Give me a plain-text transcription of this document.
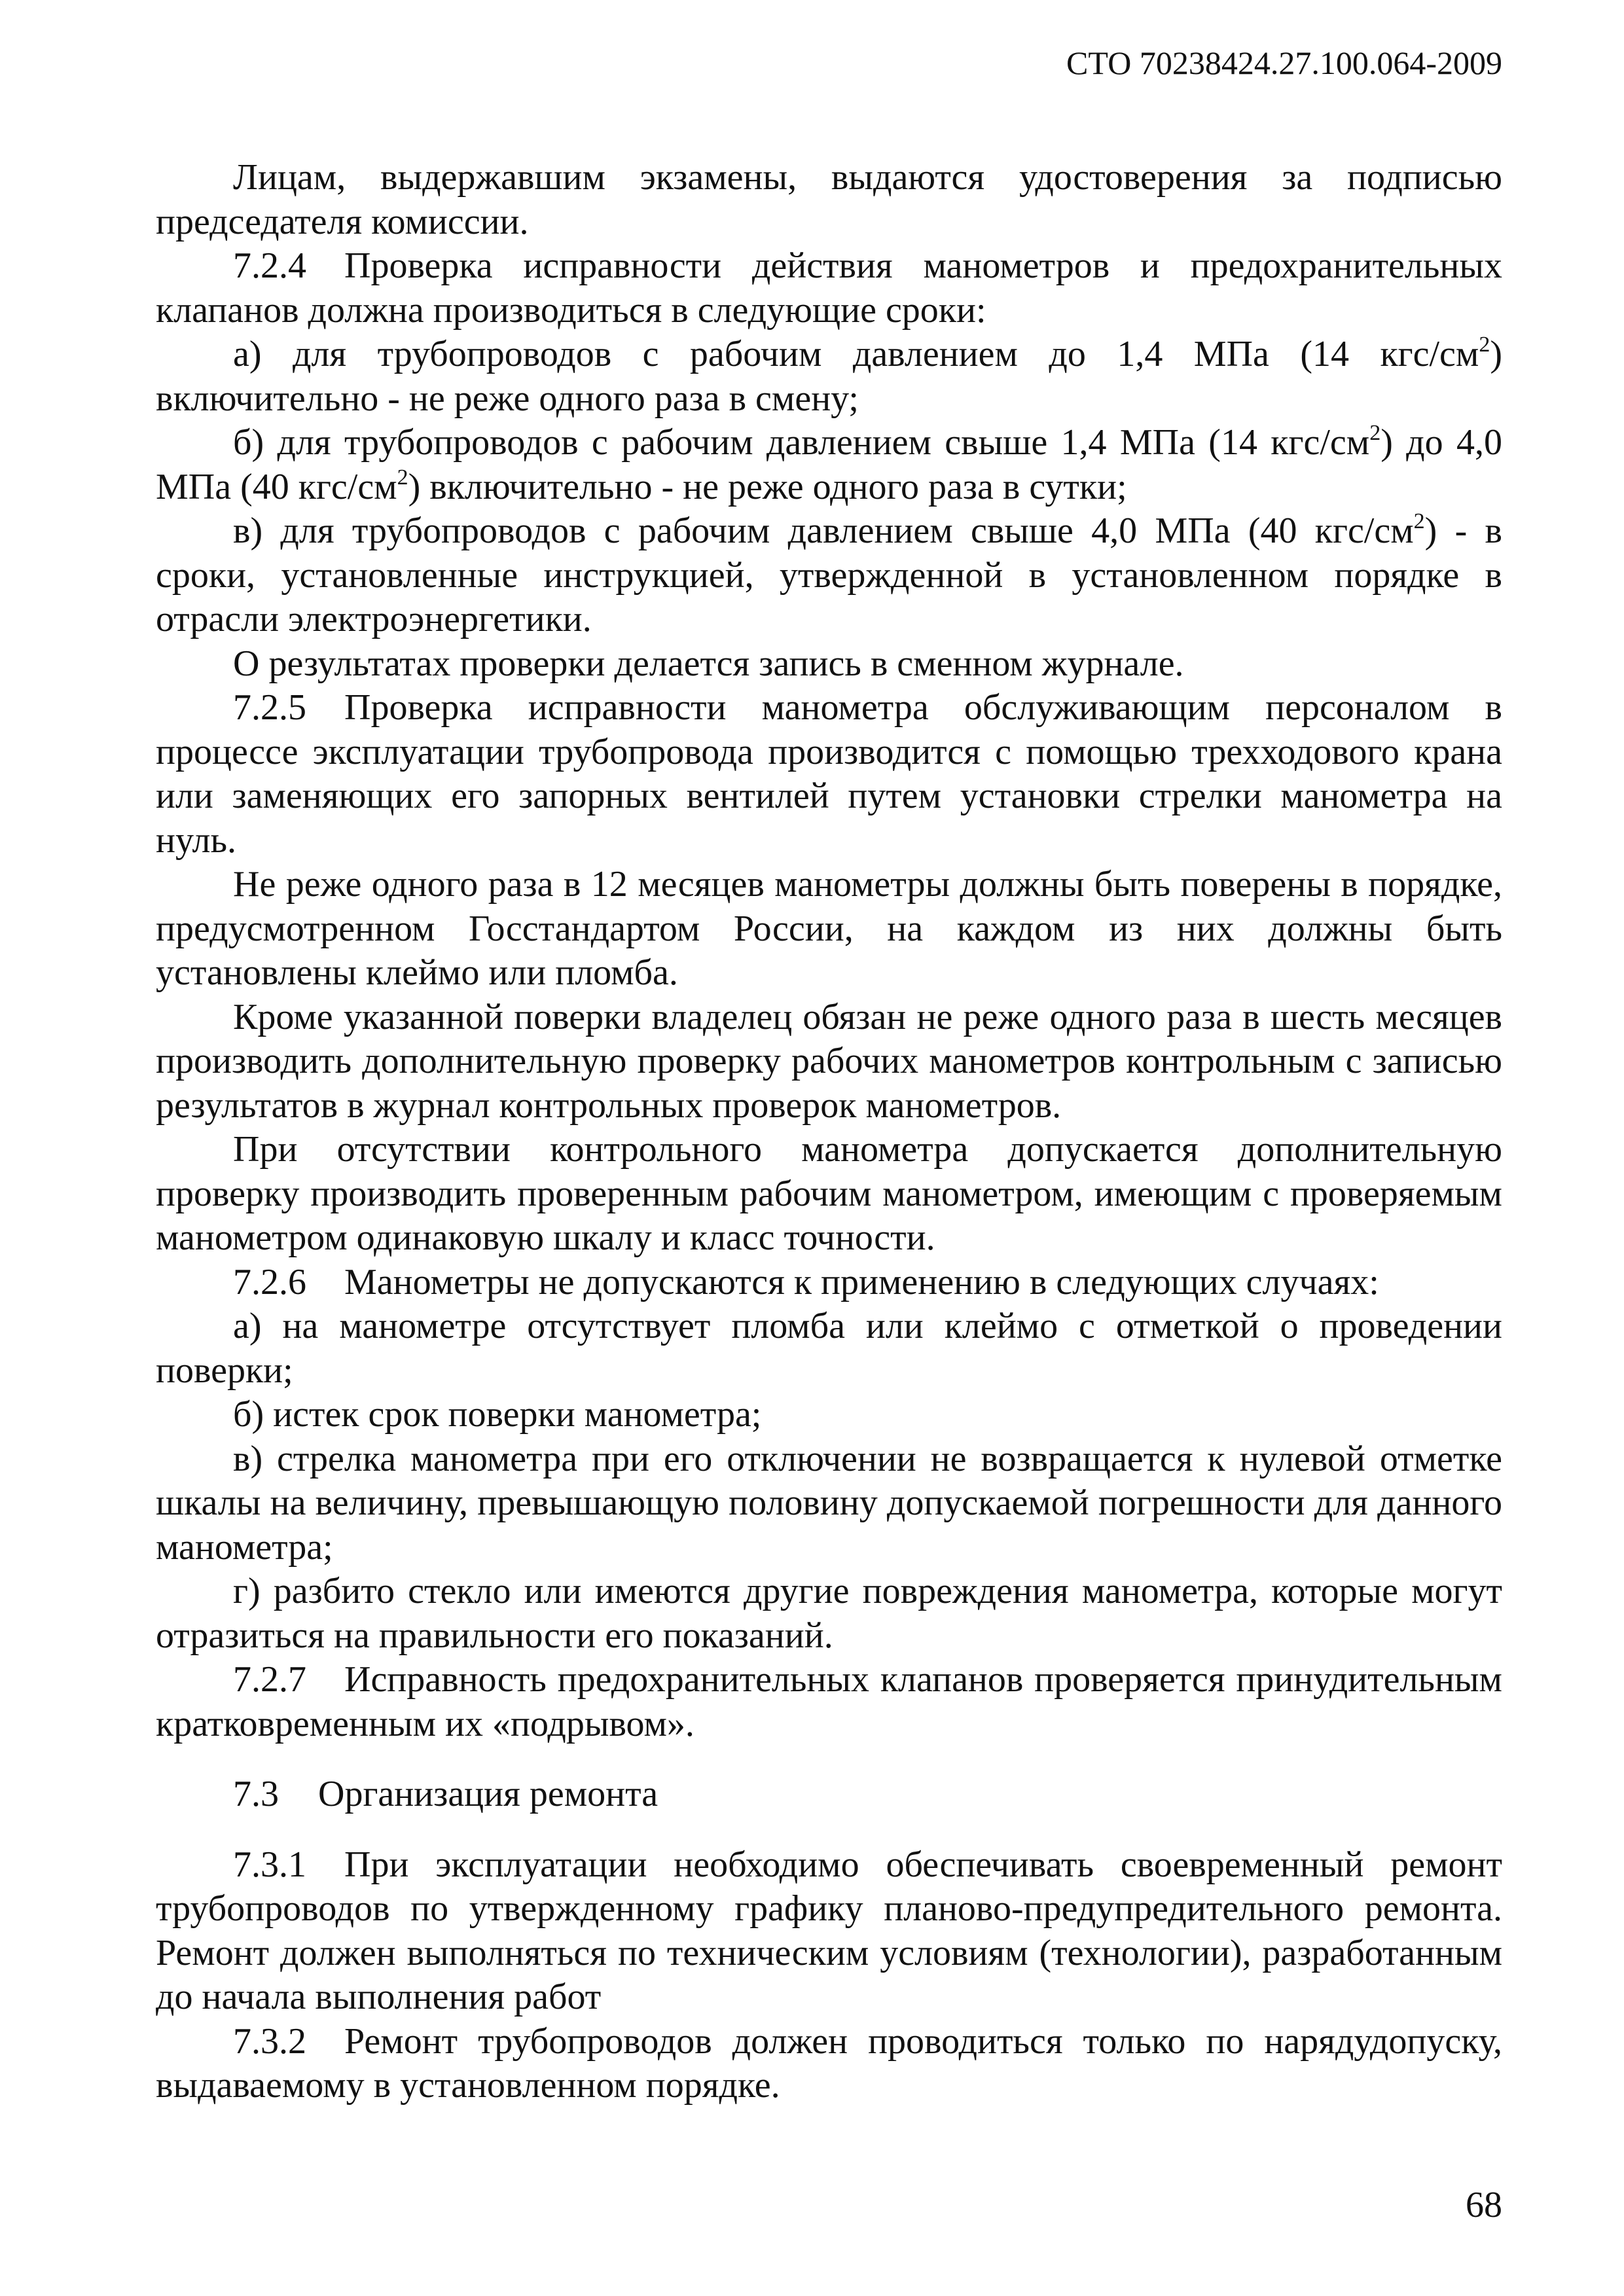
СТО 70238424.27.100.064-2009

Лицам, выдержавшим экзамены, выдаются удостоверения за подписью председателя комиссии.

7.2.4 Проверка исправности действия манометров и предохранительных клапанов должна производиться в следующие сроки:

а) для трубопроводов с рабочим давлением до 1,4 МПа (14 кгс/$см^2$) включительно - не реже одного раза в смену;

б) для трубопроводов с рабочим давлением свыше 1,4 МПа (14 кгс/$см^2$) до 4,0 МПа (40 кгс/$см^2$) включительно - не реже одного раза в сутки;

в) для трубопроводов с рабочим давлением свыше 4,0 МПа (40 кгс/$см^2$) - в сроки, установленные инструкцией, утвержденной в установленном порядке в отрасли электроэнергетики.

О результатах проверки делается запись в сменном журнале.

7.2.5 Проверка исправности манометра обслуживающим персоналом в процессе эксплуатации трубопровода производится с помощью трехходового крана или заменяющих его запорных вентилей путем установки стрелки манометра на нуль.

Не реже одного раза в 12 месяцев манометры должны быть поверены в порядке, предусмотренном Госстандартом России, на каждом из них должны быть установлены клеймо или пломба.

Кроме указанной поверки владелец обязан не реже одного раза в шесть месяцев производить дополнительную проверку рабочих манометров контрольным с записью результатов в журнал контрольных проверок манометров.

При отсутствии контрольного манометра допускается дополнительную проверку производить проверенным рабочим манометром, имеющим с проверяемым манометром одинаковую шкалу и класс точности.

7.2.6 Манометры не допускаются к применению в следующих случаях:

а) на манометре отсутствует пломба или клеймо с отметкой о проведении поверки;

б) истек срок поверки манометра;

в) стрелка манометра при его отключении не возвращается к нулевой отметке шкалы на величину, превышающую половину допускаемой погрешности для данного манометра;

г) разбито стекло или имеются другие повреждения манометра, которые могут отразиться на правильности его показаний.

7.2.7 Исправность предохранительных клапанов проверяется принудительным кратковременным их «подрывом».

7.3 Организация ремонта

7.3.1 При эксплуатации необходимо обеспечивать своевременный ремонт трубопроводов по утвержденному графику планово-предупредительного ремонта. Ремонт должен выполняться по техническим условиям (технологии), разработанным до начала выполнения работ

7.3.2 Ремонт трубопроводов должен проводиться только по нарядудопуску, выдаваемому в установленном порядке.

68
